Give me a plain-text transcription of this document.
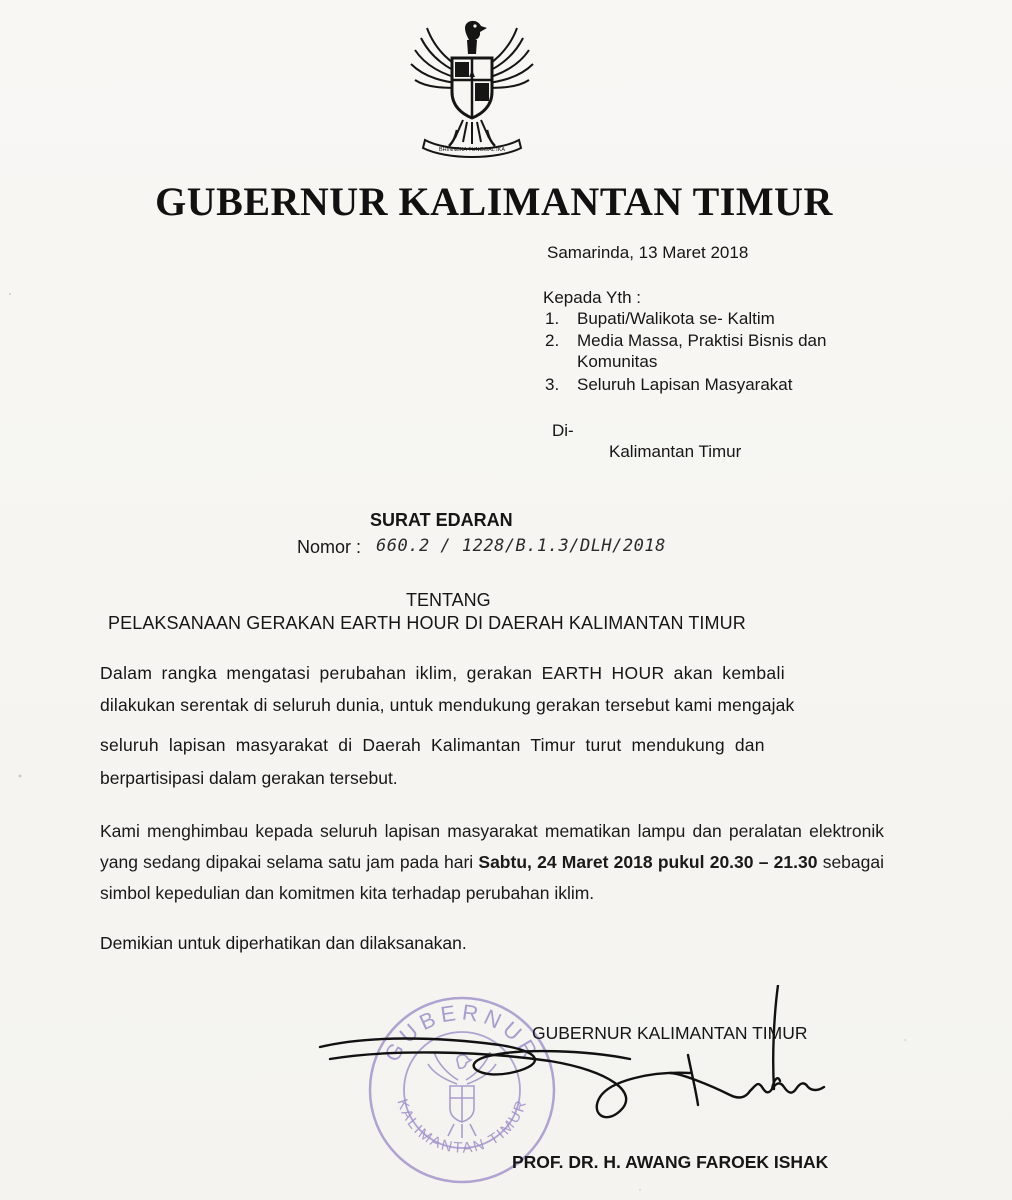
BHINNEKA TUNGGAL IKA
GUBERNUR KALIMANTAN TIMUR
Samarinda, 13 Maret 2018
Kepada Yth :
1. Bupati/Walikota se- Kaltim
2. Media Massa, Praktisi Bisnis dan
Komunitas
3. Seluruh Lapisan Masyarakat
Di-
Kalimantan Timur
SURAT EDARAN
Nomor : 660.2 / 1228/B.1.3/DLH/2018
TENTANG
PELAKSANAAN GERAKAN EARTH HOUR DI DAERAH KALIMANTAN TIMUR
Dalam rangka mengatasi perubahan iklim, gerakan EARTH HOUR akan kembali
dilakukan serentak di seluruh dunia, untuk mendukung gerakan tersebut kami mengajak
seluruh lapisan masyarakat di Daerah Kalimantan Timur turut mendukung dan
berpartisipasi dalam gerakan tersebut.
Kami menghimbau kepada seluruh lapisan masyarakat mematikan lampu dan peralatan elektronik yang sedang dipakai selama satu jam pada hari Sabtu, 24 Maret 2018 pukul 20.30 – 21.30 sebagai simbol kepedulian dan komitmen kita terhadap perubahan iklim.
Demikian untuk diperhatikan dan dilaksanakan.
GUBERNUR
KALIMANTAN TIMUR
GUBERNUR KALIMANTAN TIMUR
PROF. DR. H. AWANG FAROEK ISHAK
